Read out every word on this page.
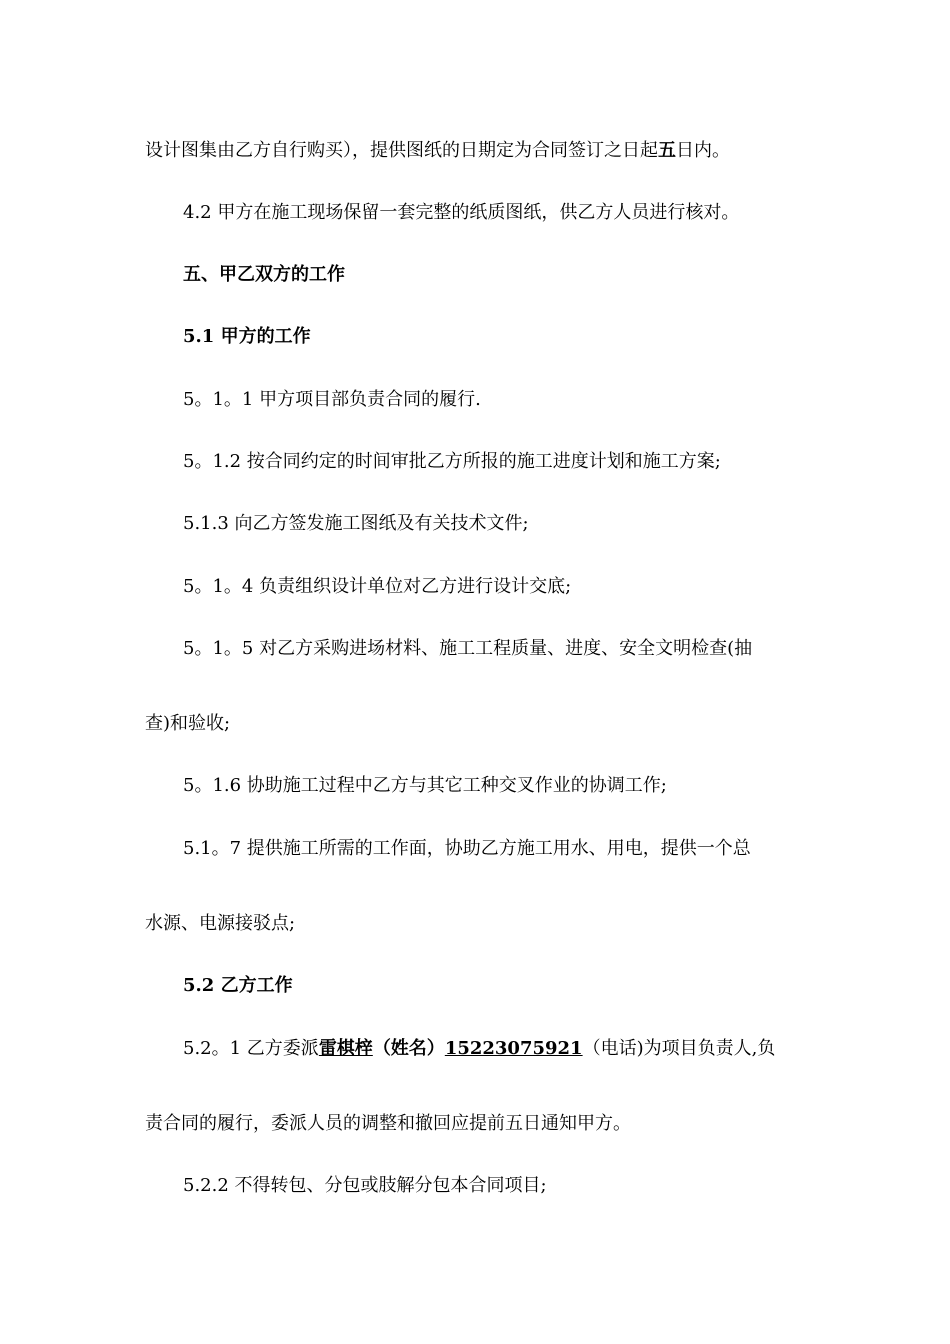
设计图集由乙方自行购买），提供图纸的日期定为合同签订之日起五日内。
4.2 甲方在施工现场保留一套完整的纸质图纸，供乙方人员进行核对。
五、甲乙双方的工作
5.1 甲方的工作
5。1。1 甲方项目部负责合同的履行.
5。1.2 按合同约定的时间审批乙方所报的施工进度计划和施工方案;
5.1.3 向乙方签发施工图纸及有关技术文件;
5。1。4 负责组织设计单位对乙方进行设计交底;
5。1。5 对乙方采购进场材料、施工工程质量、进度、安全文明检查(抽
查)和验收;
5。1.6 协助施工过程中乙方与其它工种交叉作业的协调工作;
5.1。7 提供施工所需的工作面，协助乙方施工用水、用电，提供一个总
水源、电源接驳点;
5.2 乙方工作
5.2。1 乙方委派雷棋梓（姓名）15223075921（电话)为项目负责人,负
责合同的履行，委派人员的调整和撤回应提前五日通知甲方。
5.2.2 不得转包、分包或肢解分包本合同项目;
